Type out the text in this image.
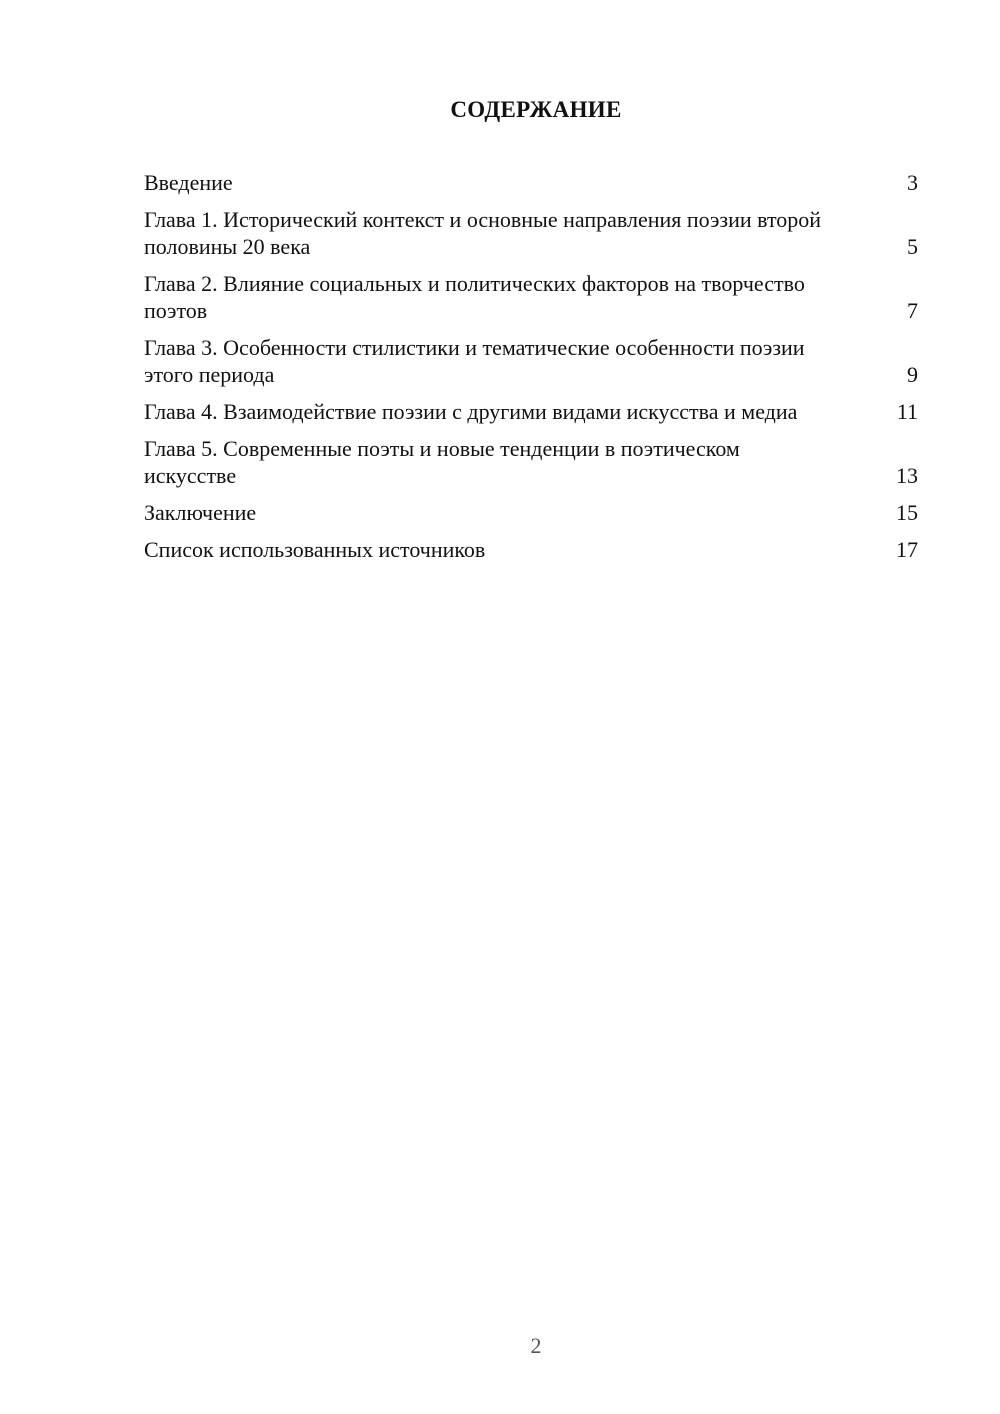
СОДЕРЖАНИЕ
Введение	3
Глава 1. Исторический контекст и основные направления поэзии второй половины 20 века	5
Глава 2. Влияние социальных и политических факторов на творчество поэтов	7
Глава 3. Особенности стилистики и тематические особенности поэзии этого периода	9
Глава 4. Взаимодействие поэзии с другими видами искусства и медиа	11
Глава 5. Современные поэты и новые тенденции в поэтическом искусстве	13
Заключение	15
Список использованных источников	17
2
